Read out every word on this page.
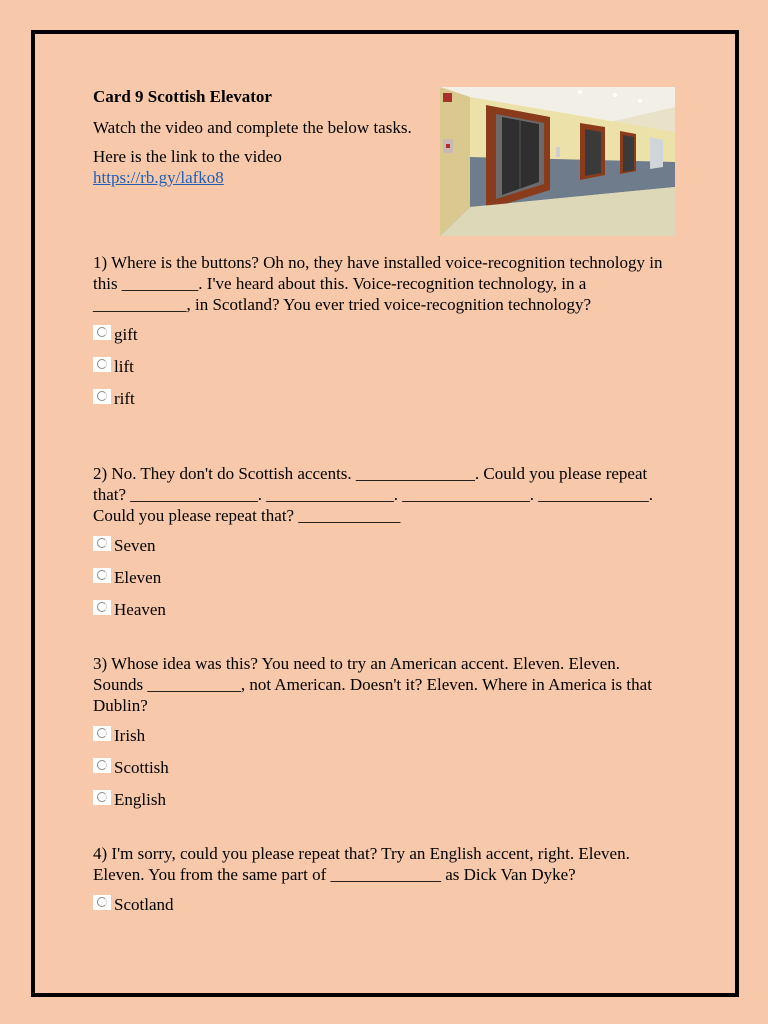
Card 9 Scottish Elevator

Watch the video and complete the below tasks.

Here is the link to the video
https://rb.gy/lafko8

1) Where is the buttons? Oh no, they have installed voice-recognition technology in this _________. I've heard about this. Voice-recognition technology, in a ___________, in Scotland? You ever tried voice-recognition technology?

gift
lift
rift

2) No. They don't do Scottish accents. ______________. Could you please repeat that? _______________. _______________. _______________. _____________. Could you please repeat that? ____________

Seven
Eleven
Heaven

3) Whose idea was this? You need to try an American accent. Eleven. Eleven. Sounds ___________, not American. Doesn't it? Eleven. Where in America is that Dublin?

Irish
Scottish
English

4) I'm sorry, could you please repeat that? Try an English accent, right. Eleven. Eleven. You from the same part of _____________ as Dick Van Dyke?

Scotland
